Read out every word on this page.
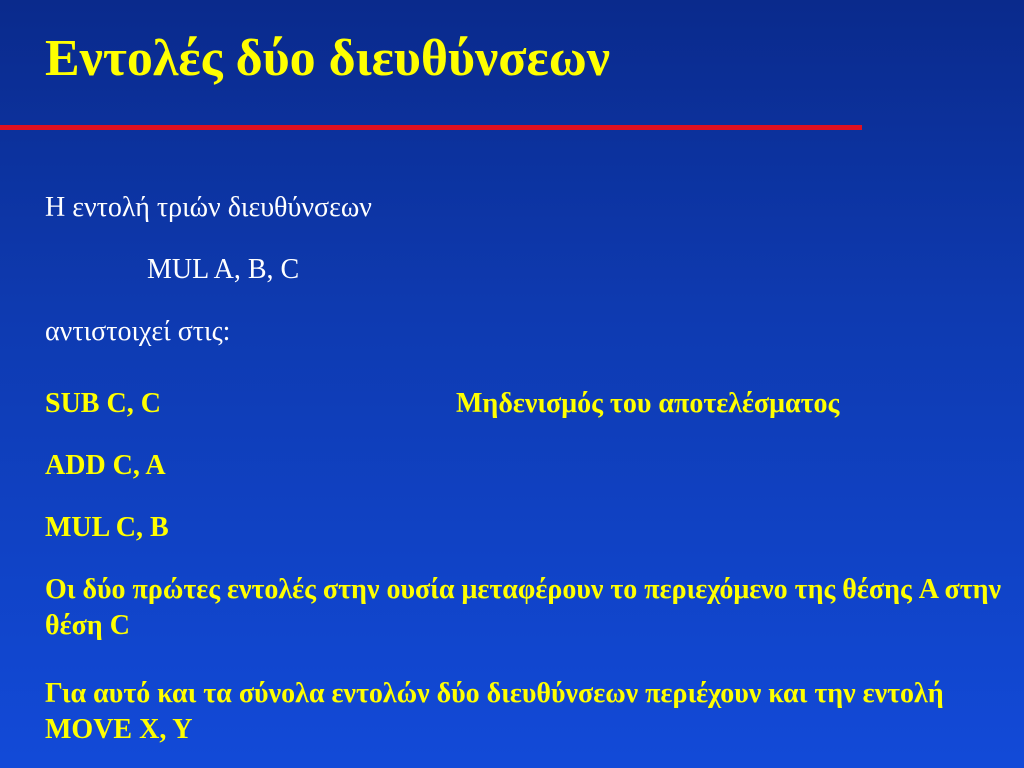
Εντολές δύο διευθύνσεων

Η εντολή τριών διευθύνσεων

MUL A, B, C

αντιστοιχεί στις:

SUB C, C	Μηδενισμός του αποτελέσματος

ADD C, A

MUL C, B

Οι δύο πρώτες εντολές στην ουσία μεταφέρουν το περιεχόμενο της θέσης A στην θέση C

Για αυτό και τα σύνολα εντολών δύο διευθύνσεων περιέχουν και την εντολήMOVE X, Y
